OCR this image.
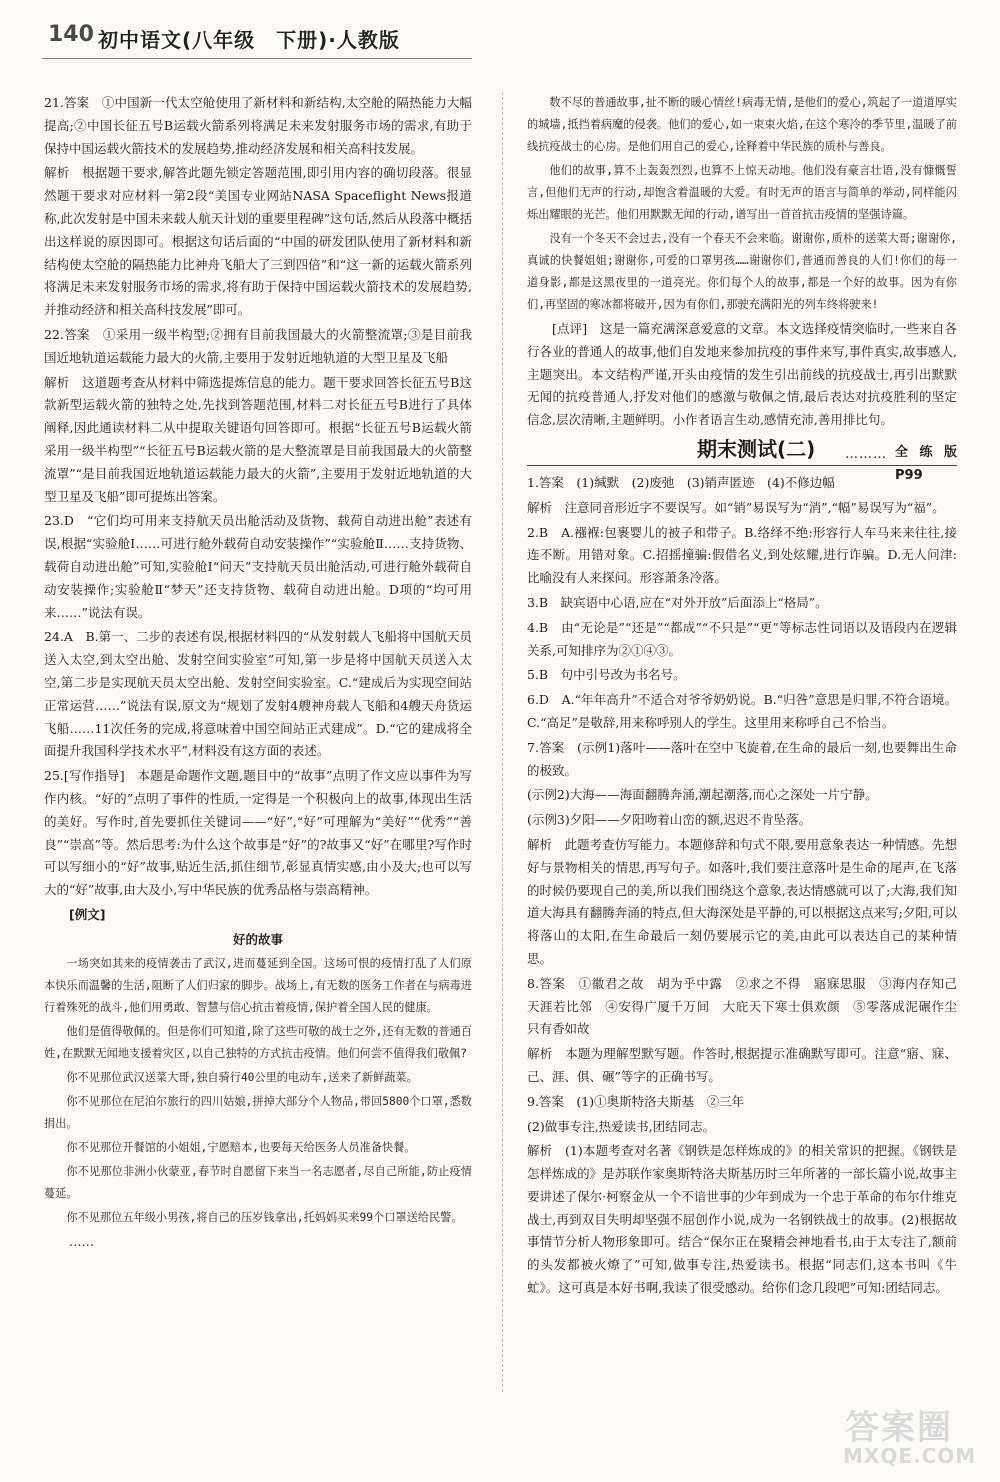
140 初中语文(八年级　下册)·人教版

21.答案　①中国新一代太空舱使用了新材料和新结构,太空舱的隔热能力大幅提高;②中国长征五号B运载火箭系列将满足未来发射服务市场的需求,有助于保持中国运载火箭技术的发展趋势,推动经济发展和相关高科技发展。

解析　根据题干要求,解答此题先锁定答题范围,即引用内容的确切段落。很显然题干要求对应材料一第2段“美国专业网站NASA Spaceflight News报道称,此次发射是中国未来载人航天计划的重要里程碑”这句话,然后从段落中概括出这样说的原因即可。根据这句话后面的“中国的研发团队使用了新材料和新结构使太空舱的隔热能力比神舟飞船大了三到四倍”和“这一新的运载火箭系列将满足未来发射服务市场的需求,将有助于保持中国运载火箭技术的发展趋势,并推动经济和相关高科技发展”即可。

22.答案　①采用一级半构型;②拥有目前我国最大的火箭整流罩;③是目前我国近地轨道运载能力最大的火箭,主要用于发射近地轨道的大型卫星及飞船

解析　这道题考查从材料中筛选提炼信息的能力。题干要求回答长征五号B这款新型运载火箭的独特之处,先找到答题范围,材料二对长征五号B进行了具体阐释,因此通读材料二从中提取关键语句回答即可。根据“长征五号B运载火箭采用一级半构型”“长征五号B运载火箭的是大整流罩是目前我国最大的火箭整流罩”“是目前我国近地轨道运载能力最大的火箭”,主要用于发射近地轨道的大型卫星及飞船”即可提炼出答案。

23.D　“它们均可用来支持航天员出舱活动及货物、载荷自动进出舱”表述有误,根据“实验舱Ⅰ……可进行舱外载荷自动安装操作”“实验舱Ⅱ……支持货物、载荷自动进出舱”可知,实验舱Ⅰ“问天”支持航天员出舱活动,可进行舱外载荷自动安装操作;实验舱Ⅱ“梦天”还支持货物、载荷自动进出舱。D项的“均可用来……”说法有误。

24.A　B.第一、二步的表述有误,根据材料四的“从发射载人飞船将中国航天员送入太空,到太空出舱、发射空间实验室”可知,第一步是将中国航天员送入太空,第二步是实现航天员太空出舱、发射空间实验室。C.“建成后为实现空间站正常运营……”说法有误,原文为“规划了发射4艘神舟载人飞船和4艘天舟货运飞船……11次任务的完成,将意味着中国空间站正式建成”。D.“它的建成将全面提升我国科学技术水平”,材料没有这方面的表述。

25.[写作指导]　本题是命题作文题,题目中的“故事”点明了作文应以事件为写作内核。“好的”点明了事件的性质,一定得是一个积极向上的故事,体现出生活的美好。写作时,首先要抓住关键词——“好”,“好”可理解为“美好”“优秀”“善良”“崇高”等。然后思考:为什么这个故事是“好”的?故事又“好”在哪里?写作时可以写细小的“好”故事,贴近生活,抓住细节,彰显真情实感,由小及大;也可以写大的“好”故事,由大及小,写中华民族的优秀品格与崇高精神。

[例文]

好的故事

一场突如其来的疫情袭击了武汉,进而蔓延到全国。这场可恨的疫情打乱了人们原本快乐而温馨的生活,阻断了人们归家的脚步。战场上,有无数的医务工作者在与病毒进行着殊死的战斗,他们用勇敢、智慧与信心抗击着疫情,保护着全国人民的健康。

他们是值得敬佩的。但是你们可知道,除了这些可敬的战士之外,还有无数的普通百姓,在默默无闻地支援着灾区,以自己独特的方式抗击疫情。他们何尝不值得我们敬佩?

你不见那位武汉送菜大哥,独自骑行40公里的电动车,送来了新鲜蔬菜。

你不见那位在尼泊尔旅行的四川姑娘,拼掉大部分个人物品,带回5800个口罩,悉数捐出。

你不见那位开餐馆的小姐姐,宁愿赔本,也要每天给医务人员准备快餐。

你不见那位非洲小伙蒙亚,春节时自愿留下来当一名志愿者,尽自己所能,防止疫情蔓延。

你不见那位五年级小男孩,将自己的压岁钱拿出,托妈妈买来99个口罩送给民警。

……

数不尽的普通故事,扯不断的暖心情丝!病毒无情,是他们的爱心,筑起了一道道厚实的城墙,抵挡着病魔的侵袭。他们的爱心,如一束束火焰,在这个寒冷的季节里,温暖了前线抗疫战士的心房。是他们用自己的爱心,诠释着中华民族的质朴与善良。

他们的故事,算不上轰轰烈烈,也算不上惊天动地。他们没有豪言壮语,没有慷慨誓言,但他们无声的行动,却饱含着温暖的大爱。有时无声的语言与简单的举动,同样能闪烁出耀眼的光芒。他们用默默无闻的行动,谱写出一首首抗击疫情的坚强诗篇。

没有一个冬天不会过去,没有一个春天不会来临。谢谢你,质朴的送菜大哥;谢谢你,真诚的快餐姐姐;谢谢你,可爱的口罩男孩……谢谢你们,普通而善良的人们!你们的每一道身影,都是这黑夜里的一道亮光。你们每个人的故事,都是一个好的故事。因为有你们,再坚固的寒冰都将破开,因为有你们,那驶充满阳光的列车终将驶来!

[点评]　这是一篇充满深意爱意的文章。本文选择疫情突临时,一些来自各行各业的普通人的故事,他们自发地来参加抗疫的事件来写,事件真实,故事感人,主题突出。本文结构严谨,开头由疫情的发生引出前线的抗疫战士,再引出默默无闻的抗疫普通人,抒发对他们的感激与敬佩之情,最后表达对抗疫胜利的坚定信念,层次清晰,主题鲜明。小作者语言生动,感情充沛,善用排比句。

期末测试(二) ……… 全练版 P99

1.答案　(1)缄默　(2)废弛　(3)销声匿迹　(4)不修边幅

解析　注意同音形近字不要误写。如“销”易误写为“消”,“幅”易误写为“福”。

2.B　A.襁褓:包裹婴儿的被子和带子。B.络绎不绝:形容行人车马来来往往,接连不断。用错对象。C.招摇撞骗:假借名义,到处炫耀,进行诈骗。D.无人问津:比喻没有人来探问。形容萧条冷落。

3.B　缺宾语中心语,应在“对外开放”后面添上“格局”。

4.B　由“无论是”“还是”“都成”“不只是”“更”等标志性词语以及语段内在逻辑关系,可知排序为②①④③。

5.B　句中引号改为书名号。

6.D　A.“年年高升”不适合对爷爷奶奶说。B.“归咎”意思是归罪,不符合语境。C.“高足”是敬辞,用来称呼别人的学生。这里用来称呼自己不恰当。

7.答案　(示例1)落叶——落叶在空中飞旋着,在生命的最后一刻,也要舞出生命的极致。

(示例2)大海——海面翻腾奔涌,潮起潮落,而心之深处一片宁静。

(示例3)夕阳——夕阳吻着山峦的额,迟迟不肯坠落。

解析　此题考查仿写能力。本题修辞和句式不限,要用意象表达一种情感。先想好与景物相关的情思,再写句子。如落叶,我们要注意落叶是生命的尾声,在飞落的时候仍要现自己的美,所以我们围绕这个意象,表达情感就可以了;大海,我们知道大海具有翻腾奔涌的特点,但大海深处是平静的,可以根据这点来写;夕阳,可以将落山的太阳,在生命最后一刻仍要展示它的美,由此可以表达自己的某种情思。

8.答案　①徽君之故　胡为乎中露　②求之不得　寤寐思服　③海内存知己　天涯若比邻　④安得广厦千万间　大庇天下寒士俱欢颜　⑤零落成泥碾作尘　只有香如故

解析　本题为理解型默写题。作答时,根据提示准确默写即可。注意“寤、寐、己、涯、俱、碾”等字的正确书写。

9.答案　(1)①奥斯特洛夫斯基　②三年

(2)做事专注,热爱读书,团结同志。

解析　(1)本题考查对名著《钢铁是怎样炼成的》的相关常识的把握。《钢铁是怎样炼成的》是苏联作家奥斯特洛夫斯基历时三年所著的一部长篇小说,故事主要讲述了保尔·柯察金从一个不谙世事的少年到成为一个忠于革命的布尔什维克战士,再到双目失明却坚强不屈创作小说,成为一名钢铁战士的故事。(2)根据故事情节分析人物形象即可。结合“保尔正在聚精会神地看书,由于太专注了,额前的头发都被火燎了”可知,做事专注,热爱读书。根据“同志们,这本书叫《牛虻》。这可真是本好书啊,我读了很受感动。给你们念几段吧”可知:团结同志。

答案圈
MXQE.COM
